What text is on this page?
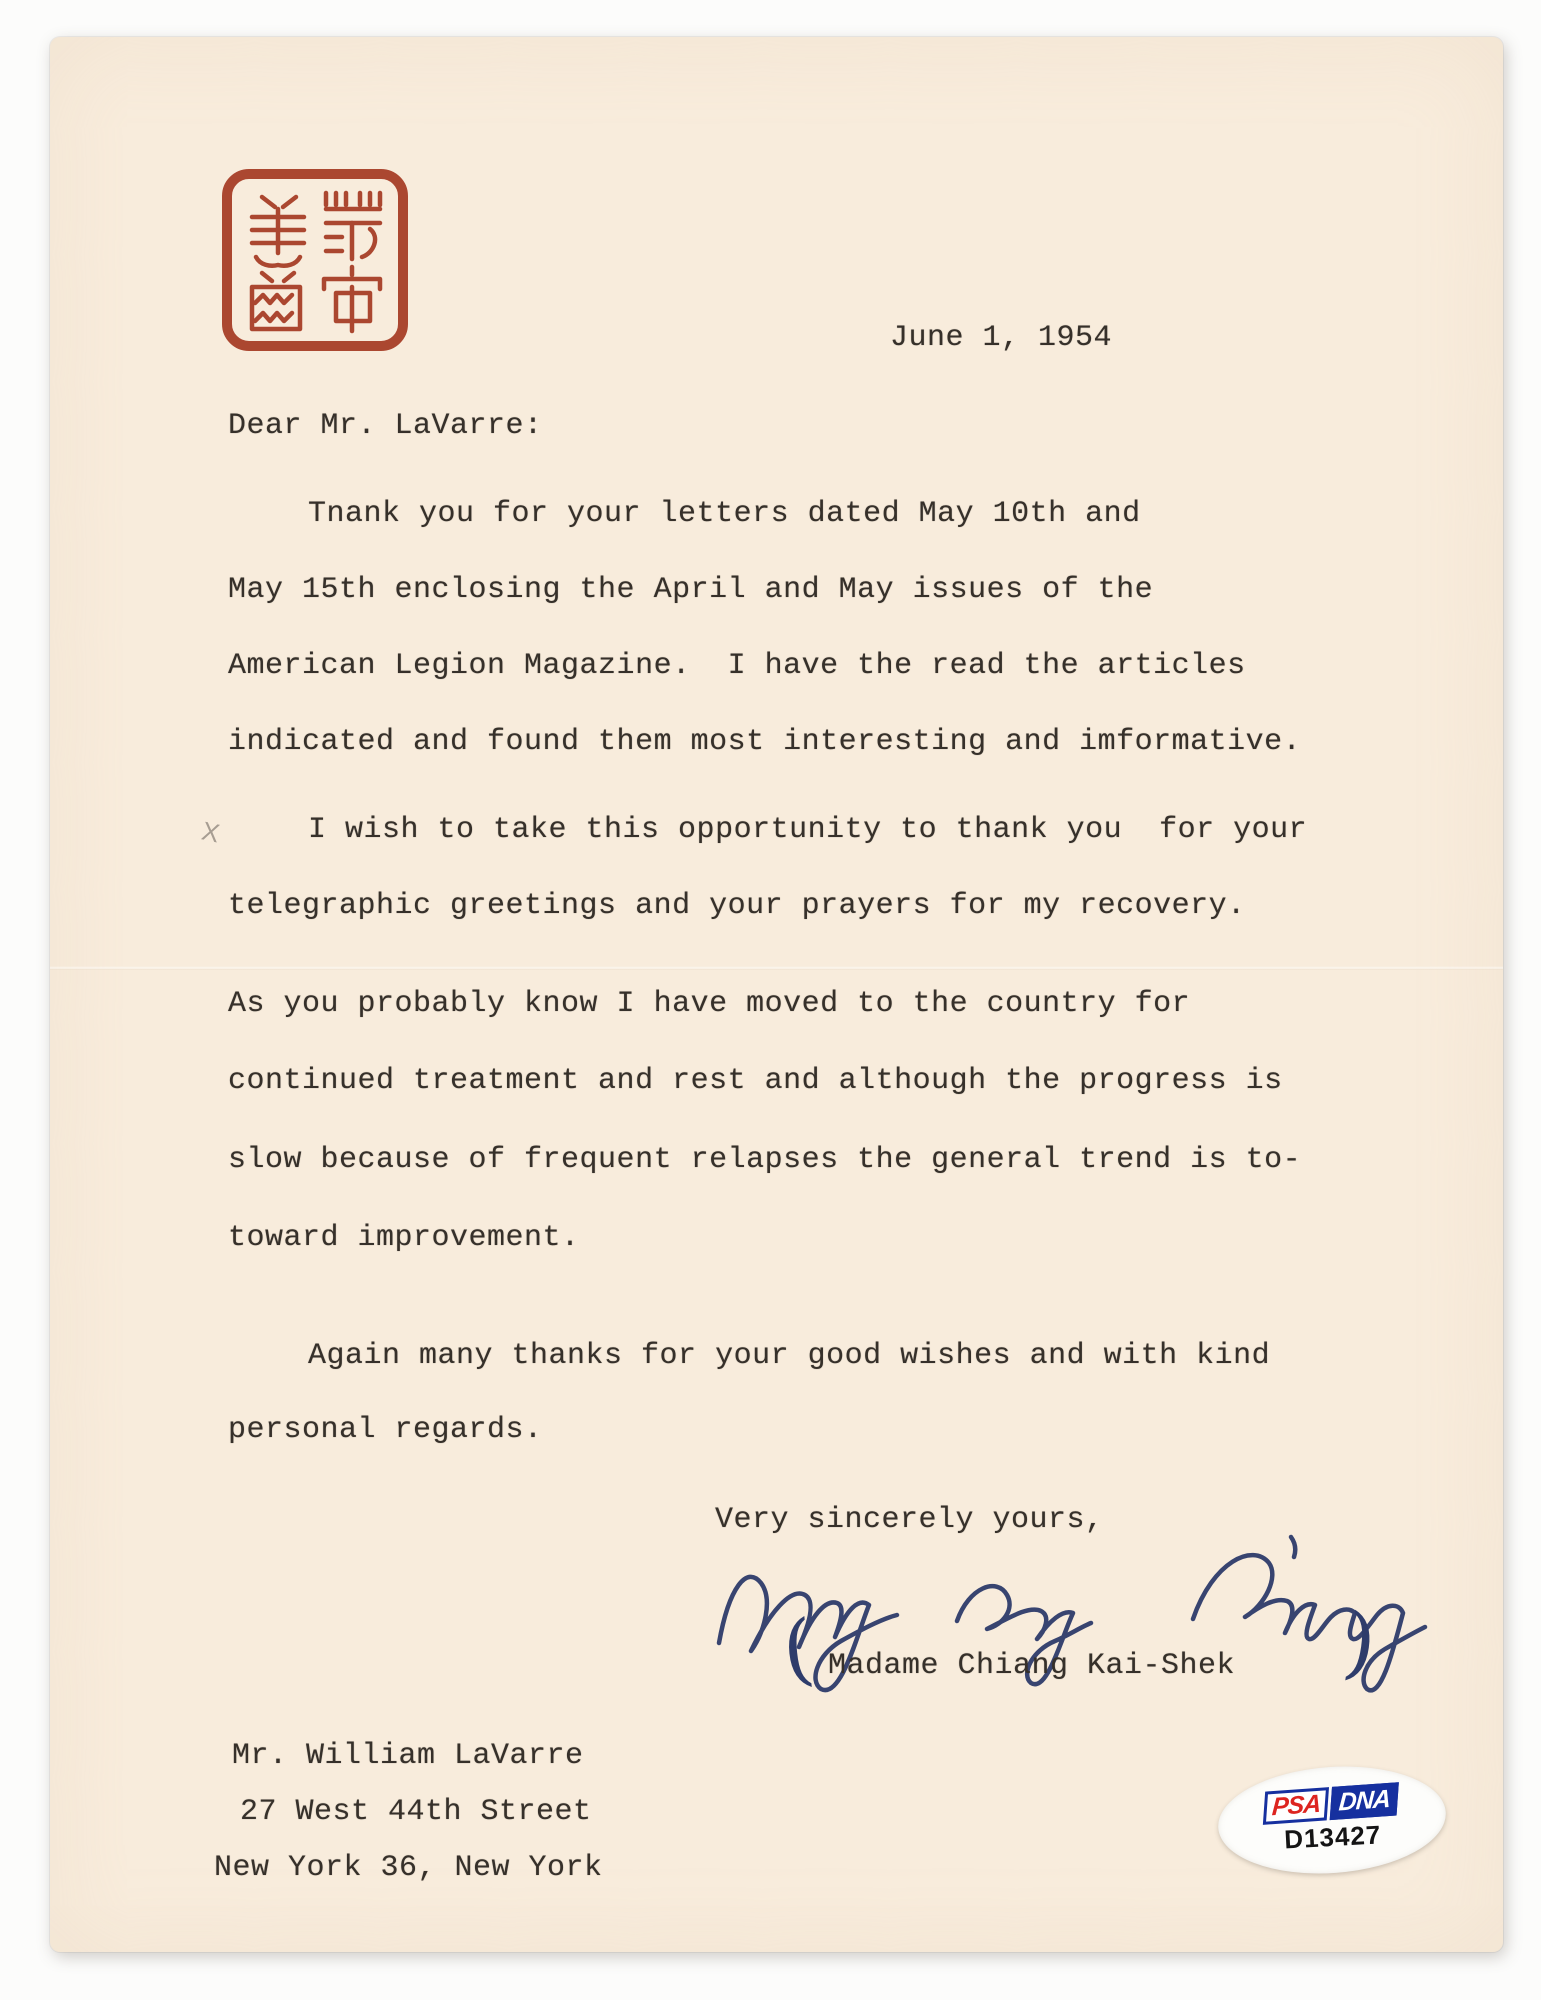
June 1, 1954
Dear Mr. LaVarre:
Tnank you for your letters dated May 10th and
May 15th enclosing the April and May issues of the
American Legion Magazine.  I have the read the articles
indicated and found them most interesting and imformative.
I wish to take this opportunity to thank you  for your
telegraphic greetings and your prayers for my recovery.
As you probably know I have moved to the country for
continued treatment and rest and although the progress is
slow because of frequent relapses the general trend is to-
toward improvement.
Again many thanks for your good wishes and with kind
personal regards.
X
Very sincerely yours,
( Madame Chiang Kai-Shek )
Mr. William LaVarre
27 West 44th Street
New York 36, New York
PSA DNA
D13427
